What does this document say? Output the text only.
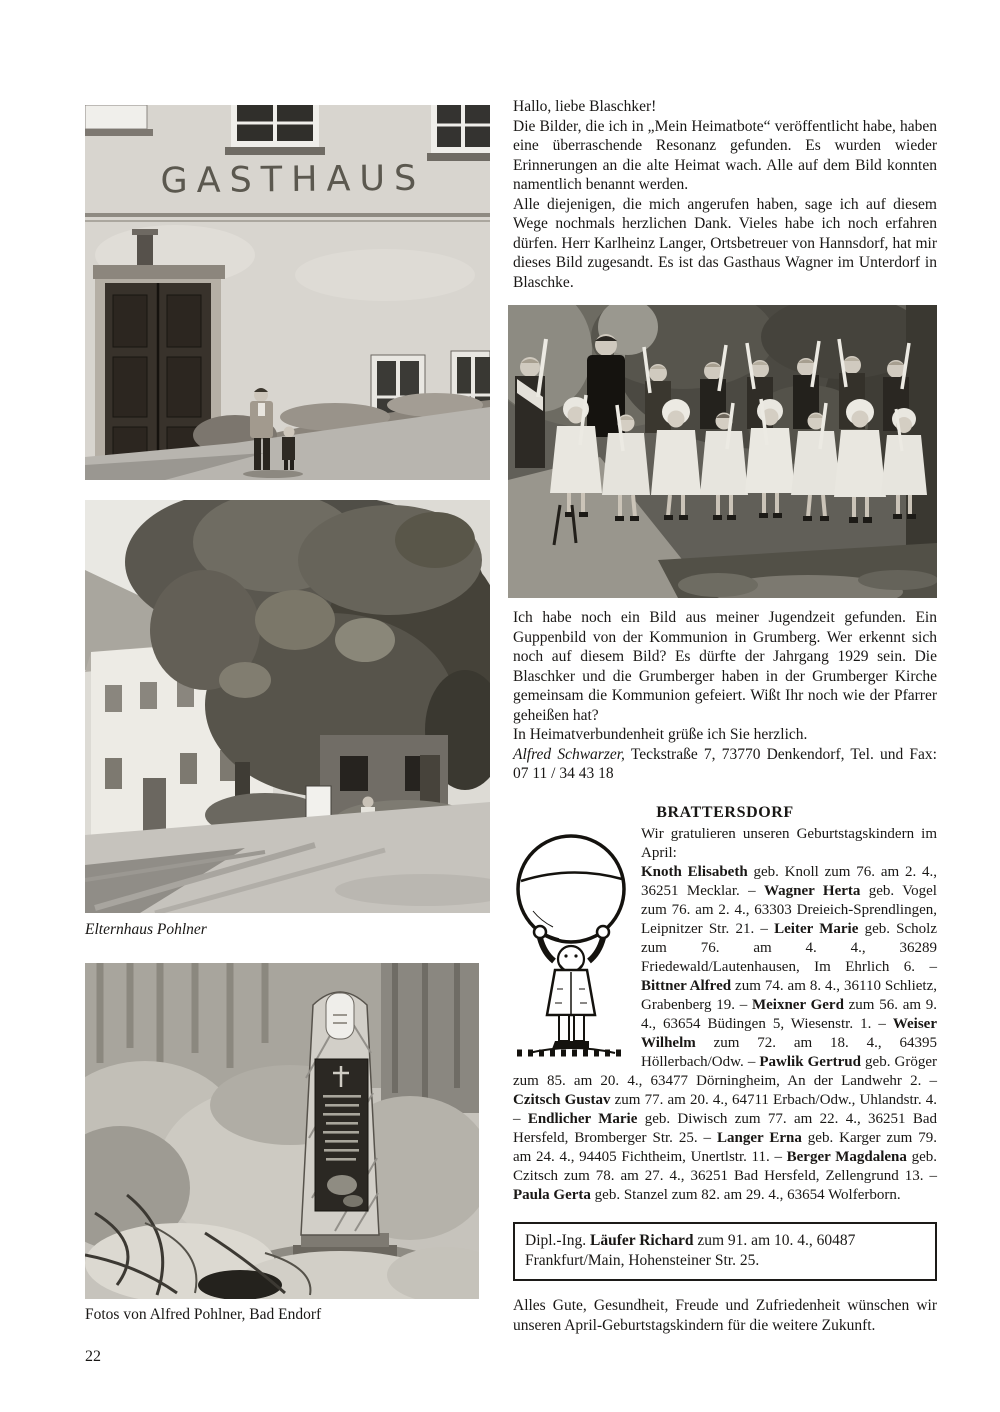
GASTHAUS
Elternhaus Pohlner
Fotos von Alfred Pohlner, Bad Endorf
22

Hallo, liebe Blaschker!

Die Bilder, die ich in „Mein Heimatbote“ veröffentlicht habe, haben eine überraschende Resonanz gefunden. Es wurden wieder Erinnerungen an die alte Heimat wach. Alle auf dem Bild konnten namentlich benannt werden.

Alle diejenigen, die mich angerufen haben, sage ich auf diesem Wege nochmals herzlichen Dank. Vieles habe ich noch erfahren dürfen. Herr Karlheinz Langer, Ortsbetreuer von Hannsdorf, hat mir dieses Bild zugesandt. Es ist das Gasthaus Wagner im Unterdorf in Blaschke.

Ich habe noch ein Bild aus meiner Jugendzeit gefunden. Ein Guppenbild von der Kommunion in Grumberg. Wer erkennt sich noch auf diesem Bild? Es dürfte der Jahrgang 1929 sein. Die Blaschker und die Grumberger haben in der Grumberger Kirche gemeinsam die Kommunion gefeiert. Wißt Ihr noch wie der Pfarrer geheißen hat?

In Heimatverbundenheit grüße ich Sie herzlich.

Alfred Schwarzer, Teckstraße 7, 73770 Denkendorf, Tel. und Fax: 07 11 / 34 43 18

BRATTERSDORF
Wir gratulieren unseren Geburtstagskindern im April:
Knoth Elisabeth geb. Knoll zum 76. am 2. 4., 36251 Mecklar. – Wagner Herta geb. Vogel zum 76. am 2. 4., 63303 Dreieich-Sprendlingen, Leipnitzer Str. 21. – Leiter Marie geb. Scholz zum 76. am 4. 4., 36289 Friedewald/Lautenhausen, Im Ehrlich 6. – Bittner Alfred zum 74. am 8. 4., 36110 Schlietz, Grabenberg 19. – Meixner Gerd zum 56. am 9. 4., 63654 Büdingen 5, Wiesenstr. 1. – Weiser Wilhelm zum 72. am 18. 4., 64395 Höllerbach/Odw. – Pawlik Gertrud geb. Gröger zum 85. am 20. 4., 63477 Dörningheim, An der Landwehr 2. – Czitsch Gustav zum 77. am 20. 4., 64711 Erbach/Odw., Uhlandstr. 4. – Endlicher Marie geb. Diwisch zum 77. am 22. 4., 36251 Bad Hersfeld, Bromberger Str. 25. – Langer Erna geb. Karger zum 79. am 24. 4., 94405 Fichtheim, Unertlstr. 11. – Berger Magdalena geb. Czitsch zum 78. am 27. 4., 36251 Bad Hersfeld, Zellengrund 13. – Paula Gerta geb. Stanzel zum 82. am 29. 4., 63654 Wolferborn.
Dipl.-Ing. Läufer Richard zum 91. am 10. 4., 60487 Frankfurt/Main, Hohensteiner Str. 25.

Alles Gute, Gesundheit, Freude und Zufriedenheit wünschen wir unseren April-Geburtstagskindern für die weitere Zukunft.
